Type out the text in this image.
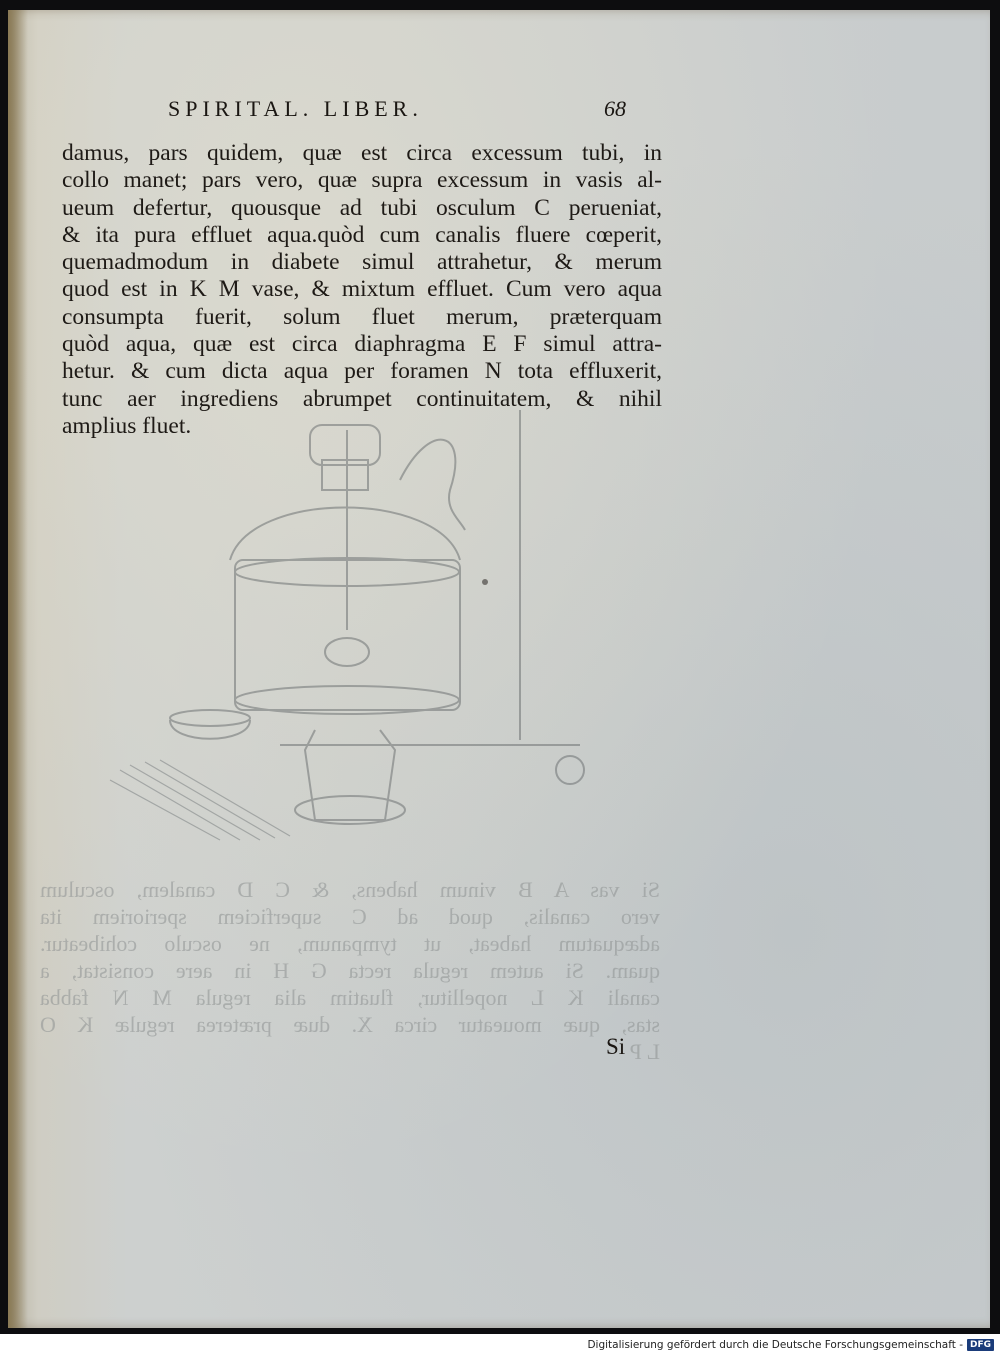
SPIRITAL. LIBER.	68
damus, pars quidem, quæ est circa excessum tubi, in
collo manet; pars vero, quæ supra excessum in vasis al-
ueum defertur, quousque ad tubi osculum C perueniat,
& ita pura effluet aqua.quòd cum canalis fluere cœperit,
quemadmodum in diabete simul attrahetur, & merum
quod est in K M vase, & mixtum effluet. Cum vero aqua
consumpta fuerit, solum fluet merum, præterquam
quòd aqua, quæ est circa diaphragma E F simul attra-
hetur. & cum dicta aqua per foramen N tota effluxerit,
tunc aer ingrediens abrumpet continuitatem, & nihil
amplius fluet.
Si vas A B vinum habens, & C D canalem, osculum
vero canalis, quod ad C superficiem sperioriem ita
adæquatum habeat, ut tympanum, ne osculo cohibeatur.
quam. Si autem regula recta G H in aere consistat, a
canali K L nopellitur, fluatim alia regula M N fabba
stas, quæ moueatur circa X. duæ præterea regulæ K O
L P
Si
Digitalisierung gefördert durch die Deutsche Forschungsgemeinschaft - DFG
